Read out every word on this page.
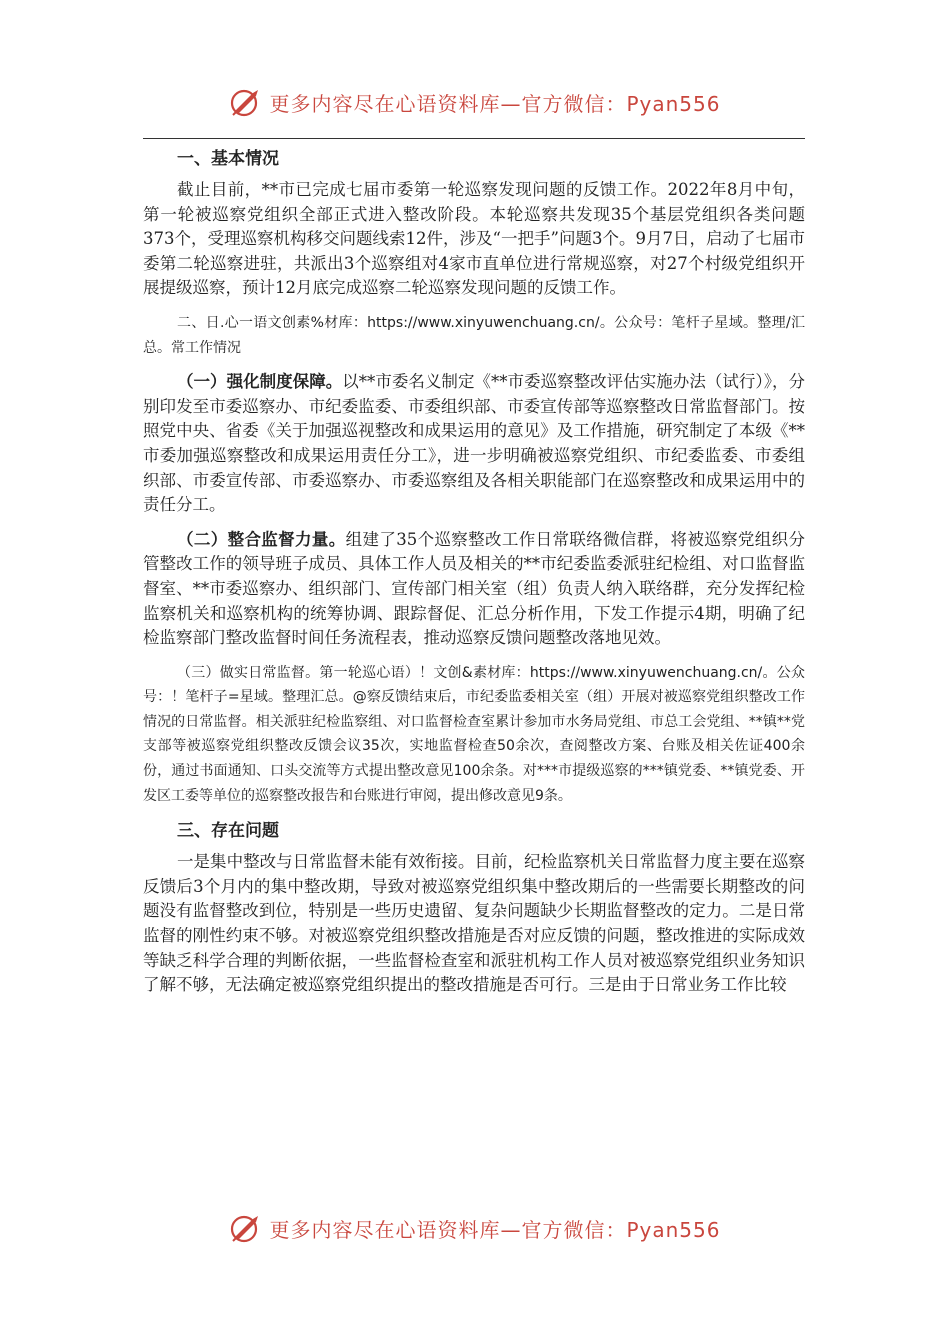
更多内容尽在心语资料库—官方微信：Pyan556

一、基本情况

截止目前，**市已完成七届市委第一轮巡察发现问题的反馈工作。2022年8月中旬，第一轮被巡察党组织全部正式进入整改阶段。本轮巡察共发现35个基层党组织各类问题373个，受理巡察机构移交问题线索12件，涉及“一把手”问题3个。9月7日，启动了七届市委第二轮巡察进驻，共派出3个巡察组对4家市直单位进行常规巡察，对27个村级党组织开展提级巡察，预计12月底完成巡察二轮巡察发现问题的反馈工作。

二、日.心一语文创素%材库：https://www.xinyuwenchuang.cn/。公众号：笔杆子星域。整理/汇总。常工作情况

（一）强化制度保障。以**市委名义制定《**市委巡察整改评估实施办法（试行）》，分别印发至市委巡察办、市纪委监委、市委组织部、市委宣传部等巡察整改日常监督部门。按照党中央、省委《关于加强巡视整改和成果运用的意见》及工作措施，研究制定了本级《**市委加强巡察整改和成果运用责任分工》，进一步明确被巡察党组织、市纪委监委、市委组织部、市委宣传部、市委巡察办、市委巡察组及各相关职能部门在巡察整改和成果运用中的责任分工。

（二）整合监督力量。组建了35个巡察整改工作日常联络微信群，将被巡察党组织分管整改工作的领导班子成员、具体工作人员及相关的**市纪委监委派驻纪检组、对口监督监督室、**市委巡察办、组织部门、宣传部门相关室（组）负责人纳入联络群，充分发挥纪检监察机关和巡察机构的统筹协调、跟踪督促、汇总分析作用，下发工作提示4期，明确了纪检监察部门整改监督时间任务流程表，推动巡察反馈问题整改落地见效。

（三）做实日常监督。第一轮巡心语）！文创&素材库：https://www.xinyuwenchuang.cn/。公众号：！笔杆子=星域。整理汇总。@察反馈结束后，市纪委监委相关室（组）开展对被巡察党组织整改工作情况的日常监督。相关派驻纪检监察组、对口监督检查室累计参加市水务局党组、市总工会党组、**镇**党支部等被巡察党组织整改反馈会议35次，实地监督检查50余次，查阅整改方案、台账及相关佐证400余份，通过书面通知、口头交流等方式提出整改意见100余条。对***市提级巡察的***镇党委、**镇党委、开发区工委等单位的巡察整改报告和台账进行审阅，提出修改意见9条。

三、存在问题

一是集中整改与日常监督未能有效衔接。目前，纪检监察机关日常监督力度主要在巡察反馈后3个月内的集中整改期，导致对被巡察党组织集中整改期后的一些需要长期整改的问题没有监督整改到位，特别是一些历史遗留、复杂问题缺少长期监督整改的定力。二是日常监督的刚性约束不够。对被巡察党组织整改措施是否对应反馈的问题，整改推进的实际成效等缺乏科学合理的判断依据，一些监督检查室和派驻机构工作人员对被巡察党组织业务知识了解不够，无法确定被巡察党组织提出的整改措施是否可行。三是由于日常业务工作比较

更多内容尽在心语资料库—官方微信：Pyan556
